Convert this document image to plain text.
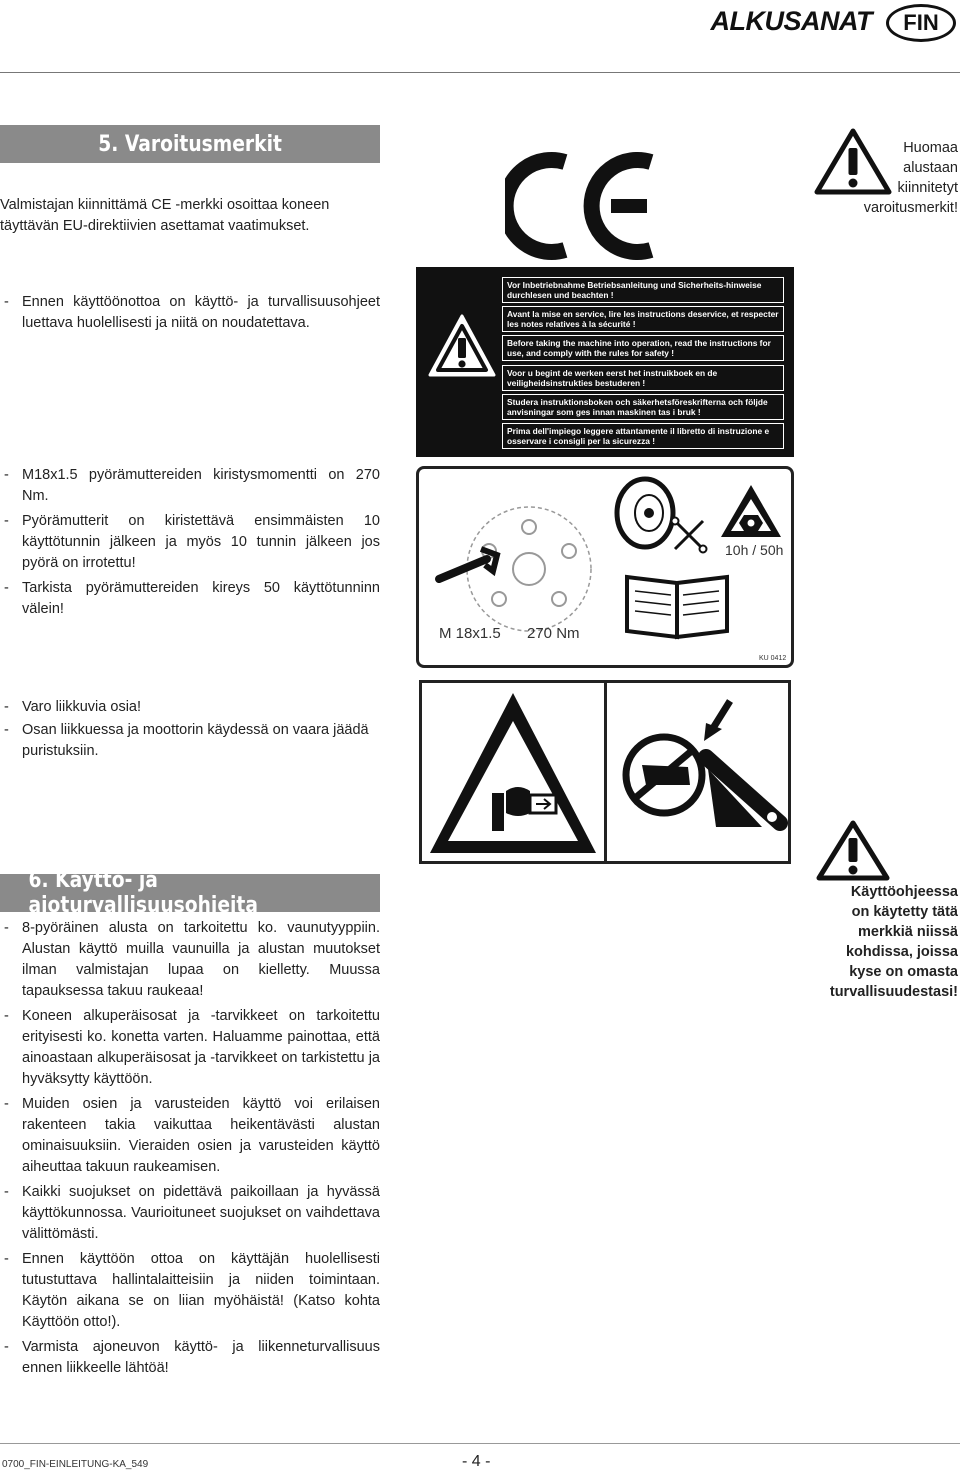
ALKUSANAT	FIN
5. Varoitusmerkit
Valmistajan kiinnittämä CE -merkki osoittaa koneen täyttävän EU-direktiivien asettamat vaatimukset.
Huomaa
alustaan
kiinnitetyt
varoitusmerkit!
- Ennen käyttöönottoa on käyttö- ja turvallisuusohjeet luettava huolellisesti ja niitä on noudatettava.
Vor Inbetriebnahme Betriebsanleitung und Sicherheits-hinweise durchlesen und beachten !
Avant la mise en service, lire les instructions deservice, et respecter les notes relatives à la sécurité !
Before taking the machine into operation, read the instructions for use, and comply with the rules for safety !
Voor u begint de werken eerst het instruikboek en de veiligheidsinstrukties bestuderen !
Studera instruktionsboken och säkerhetsföreskrifterna och följde anvisningar som ges innan maskinen tas i bruk !
Prima dell'impiego leggere attantamente il libretto di instruzione e osservare i consigli per la sicurezza !
- M18x1.5 pyörämuttereiden kiristysmomentti on 270 Nm.
- Pyörämutterit on kiristettävä ensimmäisten 10 käyttötunnin jälkeen ja myös 10 tunnin jälkeen jos pyörä on irrotettu!
- Tarkista pyörämuttereiden kireys 50 käyttötunninn välein!
10h / 50h
M 18x1.5 270 Nm
KU 0412
- Varo liikkuvia osia!
- Osan liikkuessa ja moottorin käydessä on vaara jäädä puristuksiin.
6. Käyttö- ja ajoturvallisuusohjeita
Käyttöohjeessa
on käytetty tätä
merkkiä niissä
kohdissa, joissa
kyse on omasta
turvallisuudestasi!
- 8-pyöräinen alusta on tarkoitettu ko. vaunutyyppiin. Alustan käyttö muilla vaunuilla ja alustan muutokset ilman valmistajan lupaa on kielletty. Muussa tapauksessa takuu raukeaa!
- Koneen alkuperäisosat ja -tarvikkeet on tarkoitettu erityisesti ko. konetta varten. Haluamme painottaa, että ainoastaan alkuperäisosat ja -tarvikkeet on tarkistettu ja hyväksytty käyttöön.
- Muiden osien ja varusteiden käyttö voi erilaisen rakenteen takia vaikuttaa heikentävästi alustan ominaisuuksiin. Vieraiden osien ja varusteiden käyttö aiheuttaa takuun raukeamisen.
- Kaikki suojukset on pidettävä paikoillaan ja hyvässä käyttökunnossa. Vaurioituneet suojukset on vaihdettava välittömästi.
- Ennen käyttöön ottoa on käyttäjän huolellisesti tutustuttava hallintalaitteisiin ja niiden toimintaan. Käytön aikana se on liian myöhäistä! (Katso kohta Käyttöön otto!).
- Varmista ajoneuvon käyttö- ja liikenneturvallisuus ennen liikkeelle lähtöä!
0700_FIN-EINLEITUNG-KA_549	- 4 -
